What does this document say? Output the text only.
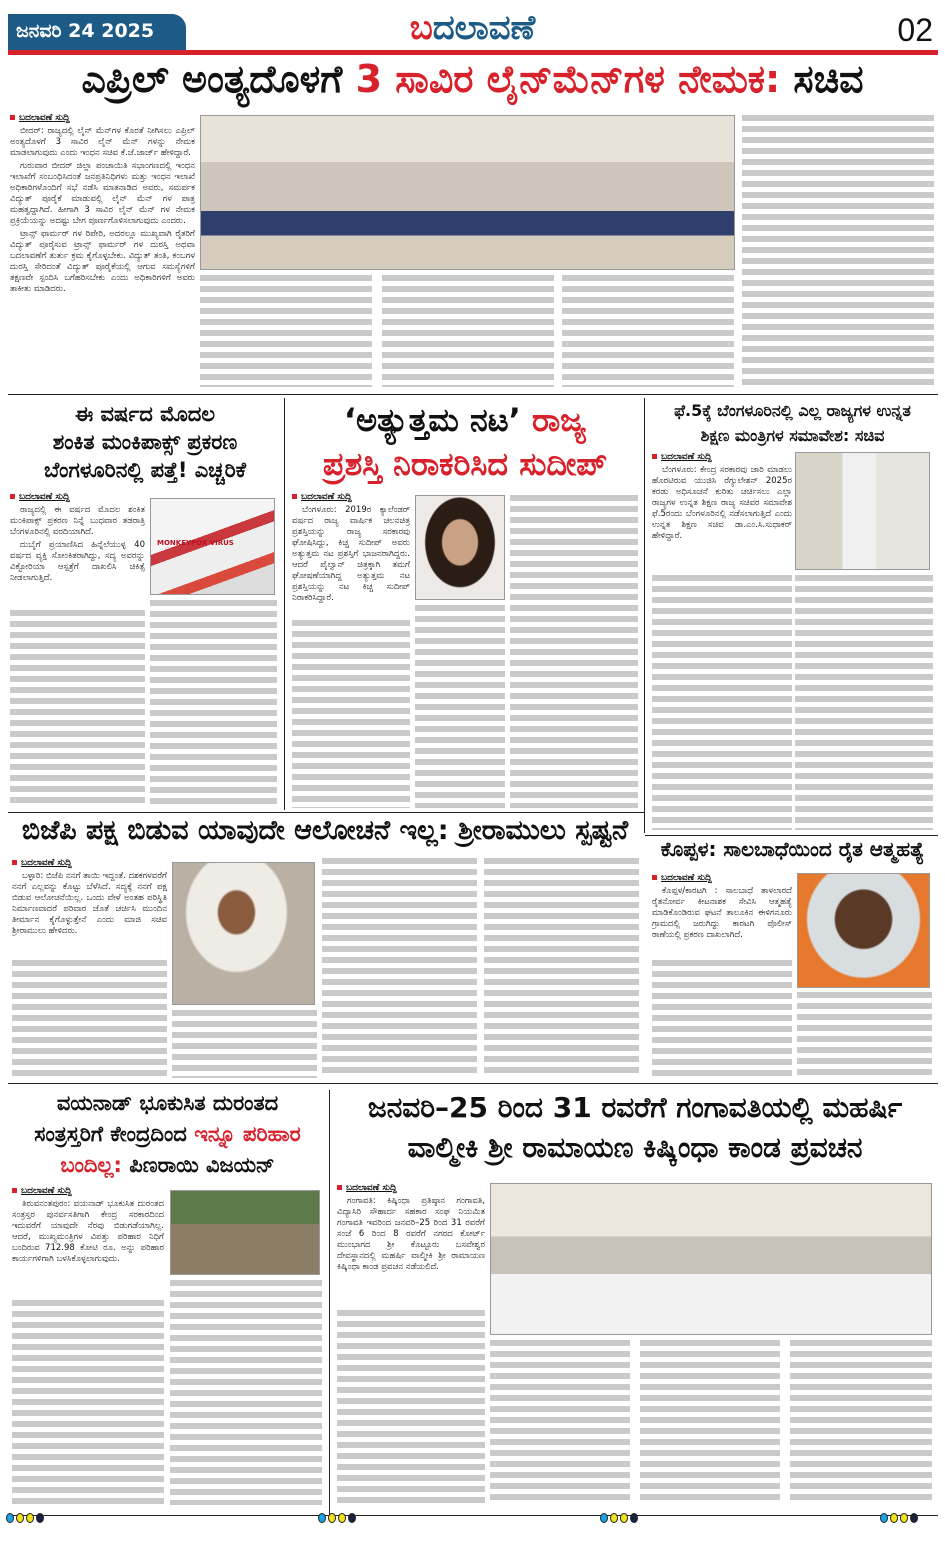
ಜನವರಿ 24 2025	ಬದಲಾವಣೆ	02
ಎಪ್ರಿಲ್ ಅಂತ್ಯದೊಳಗೆ 3 ಸಾವಿರ ಲೈನ್‌ಮೆನ್‌ಗಳ ನೇಮಕ: ಸಚಿವ
ಬದಲಾವಣೆ ಸುದ್ದಿ

ಬೀದರ್: ರಾಜ್ಯದಲ್ಲಿ ಲೈನ್ ಮೆನ್‌ಗಳ ಕೊರತೆ ನೀಗಿಸಲು ಎಪ್ರಿಲ್ ಅಂತ್ಯದೊಳಗೆ 3 ಸಾವಿರ ಲೈನ್ ಮೆನ್ ಗಳನ್ನು ನೇಮಕ ಮಾಡಲಾಗುವುದು ಎಂದು ಇಂಧನ ಸಚಿವ ಕೆ.ಜೆ.ಜಾರ್ಜ್ ಹೇಳಿದ್ದಾರೆ.

ಗುರುವಾರ ಬೀದರ್ ಜಿಲ್ಲಾ ಪಂಚಾಯಿತಿ ಸಭಾಂಗಣದಲ್ಲಿ ಇಂಧನ ಇಲಾಖೆಗೆ ಸಂಬಂಧಿಸಿದಂತೆ ಜನಪ್ರತಿನಿಧಿಗಳು ಮತ್ತು ಇಂಧನ ಇಲಾಖೆ ಅಧಿಕಾರಿಗಳೊಂದಿಗೆ ಸಭೆ ನಡೆಸಿ ಮಾತನಾಡಿದ ಅವರು, ಸಮರ್ಪಕ ವಿದ್ಯುತ್ ಪೂರೈಕೆ ಮಾಡುವಲ್ಲಿ ಲೈನ್ ಮೆನ್ ಗಳ ಪಾತ್ರ ಮಹತ್ವದ್ದಾಗಿದೆ. ಹೀಗಾಗಿ 3 ಸಾವಿರ ಲೈನ್ ಮೆನ್ ಗಳ ನೇಮಕ ಪ್ರಕ್ರಿಯೆಯನ್ನು ಅದಷ್ಟು ಬೇಗ ಪೂರ್ಣಗೊಳಿಸಲಾಗುವುದು ಎಂದರು.

ಟ್ರಾನ್ಸ್ ಫಾರ್ಮರ್ ಗಳ ರಿಪೇರಿ, ಅದರಲ್ಲೂ ಮುಖ್ಯವಾಗಿ ರೈತರಿಗೆ ವಿದ್ಯುತ್ ಪೂರೈಸುವ ಟ್ರಾನ್ಸ್ ಫಾರ್ಮರ್ ಗಳ ದುರಸ್ತಿ ಅಥವಾ ಬದಲಾವಣೆಗೆ ತುರ್ತು ಕ್ರಮ ಕೈಗೊಳ್ಳಬೇಕು. ವಿದ್ಯುತ್ ತಂತಿ, ಕಂಬಗಳ ದುರಸ್ತಿ ಸೇರಿದಂತೆ ವಿದ್ಯುತ್ ಪೂರೈಕೆಯಲ್ಲಿ ಆಗುವ ಸಮಸ್ಯೆಗಳಿಗೆ ತಕ್ಷಣವೇ ಸ್ಪಂದಿಸಿ ಬಗೆಹರಿಸಬೇಕು ಎಂದು ಅಧಿಕಾರಿಗಳಿಗೆ ಅವರು ತಾಕೀತು ಮಾಡಿದರು.

ಈ ವರ್ಷದ ಮೊದಲ
ಶಂಕಿತ ಮಂಕಿಪಾಕ್ಸ್ ಪ್ರಕರಣ
ಬೆಂಗಳೂರಿನಲ್ಲಿ ಪತ್ತೆ! ಎಚ್ಚರಿಕೆ
ಬದಲಾವಣೆ ಸುದ್ದಿ

ರಾಜ್ಯದಲ್ಲಿ ಈ ವರ್ಷದ ಮೊದಲ ಶಂಕಿತ ಮಂಕಿಪಾಕ್ಸ್ ಪ್ರಕರಣ ನಿನ್ನೆ ಬುಧವಾರ ತಡರಾತ್ರಿ ಬೆಂಗಳೂರಿನಲ್ಲಿ ವರದಿಯಾಗಿದೆ.

ದುಬೈಗೆ ಪ್ರಯಾಣಿಸಿದ ಹಿನ್ನೆಲೆಯುಳ್ಳ 40 ವರ್ಷದ ವ್ಯಕ್ತಿ ಸೋಂಕಿತರಾಗಿದ್ದು, ಸದ್ಯ ಅವರನ್ನು ವಿಕ್ಟೋರಿಯಾ ಆಸ್ಪತ್ರೆಗೆ ದಾಖಲಿಸಿ ಚಿಕಿತ್ಸೆ ನೀಡಲಾಗುತ್ತಿದೆ.

MONKEYPOX VIRUS
‘ಅತ್ಯುತ್ತಮ ನಟ’ ರಾಜ್ಯ
ಪ್ರಶಸ್ತಿ ನಿರಾಕರಿಸಿದ ಸುದೀಪ್
ಬದಲಾವಣೆ ಸುದ್ದಿ

ಬೆಂಗಳೂರು: 2019ರ ಕ್ಯಾಲೆಂಡರ್ ವರ್ಷದ ರಾಜ್ಯ ವಾರ್ಷಿಕ ಚಲನಚಿತ್ರ ಪ್ರಶಸ್ತಿಯನ್ನು ರಾಜ್ಯ ಸರಕಾರವು ಘೋಷಿಸಿದ್ದು, ಕಿಚ್ಚ ಸುದೀಪ್ ಅವರು ಅತ್ಯುತ್ತಮ ನಟ ಪ್ರಶಸ್ತಿಗೆ ಭಾಜನರಾಗಿದ್ದರು. ಆದರೆ ಪೈಲ್ವಾನ್ ಚಿತ್ರಕ್ಕಾಗಿ ತಮಗೆ ಘೋಷಣೆಯಾಗಿದ್ದ ಅತ್ಯುತ್ತಮ ನಟ ಪ್ರಶಸ್ತಿಯನ್ನು ನಟ ಕಿಚ್ಚ ಸುದೀಪ್ ನಿರಾಕರಿಸಿದ್ದಾರೆ.

ಫೆ.5ಕ್ಕೆ ಬೆಂಗಳೂರಿನಲ್ಲಿ ಎಲ್ಲ ರಾಜ್ಯಗಳ ಉನ್ನತ
ಶಿಕ್ಷಣ ಮಂತ್ರಿಗಳ ಸಮಾವೇಶ: ಸಚಿವ
ಬದಲಾವಣೆ ಸುದ್ದಿ

ಬೆಂಗಳೂರು: ಕೇಂದ್ರ ಸರಕಾರವು ಜಾರಿ ಮಾಡಲು ಹೊರಟಿರುವ ಯುಜಿಸಿ ರೆಗ್ಯುಲೇಶನ್ 2025ರ ಕರಡು ಅಧಿಸೂಚನೆ ಕುರಿತು ಚರ್ಚಿಸಲು ಎಲ್ಲಾ ರಾಜ್ಯಗಳ ಉನ್ನತ ಶಿಕ್ಷಣ ರಾಜ್ಯ ಸಚಿವರ ಸಮಾವೇಶ ಫೆ.5ರಂದು ಬೆಂಗಳೂರಿನಲ್ಲಿ ನಡೆಸಲಾಗುತ್ತಿದೆ ಎಂದು ಉನ್ನತ ಶಿಕ್ಷಣ ಸಚಿವ ಡಾ.ಎಂ.ಸಿ.ಸುಧಾಕರ್ ಹೇಳಿದ್ದಾರೆ.

ಬಿಜೆಪಿ ಪಕ್ಷ ಬಿಡುವ ಯಾವುದೇ ಆಲೋಚನೆ ಇಲ್ಲ: ಶ್ರೀರಾಮುಲು ಸ್ಪಷ್ಟನೆ
ಬದಲಾವಣೆ ಸುದ್ದಿ

ಬಳ್ಳಾರಿ: ಬಿಜೆಪಿ ನನಗೆ ತಾಯಿ ಇದ್ದಂತೆ. ದಶಕಗಳವರೆಗೆ ನನಗೆ ಎಲ್ಲವನ್ನು ಕೊಟ್ಟು ಬೆಳೆಸಿದೆ. ಸದ್ಯಕ್ಕೆ ನನಗೆ ಪಕ್ಷ ಬಿಡುವ ಆಲೋಚನೆಯಿಲ್ಲ. ಒಂದು ವೇಳೆ ಅಂತಹ ಪರಿಸ್ಥಿತಿ ನಿರ್ಮಾಣವಾದರೆ ಪರಿವಾರ ಜೊತೆ ಚರ್ಚಿಸಿ ಮುಂದಿನ ತೀರ್ಮಾನ ಕೈಗೊಳ್ಳುತ್ತೇನೆ ಎಂದು ಮಾಜಿ ಸಚಿವ ಶ್ರೀರಾಮುಲು ಹೇಳಿದರು.

ಕೊಪ್ಪಳ: ಸಾಲಬಾಧೆಯಿಂದ ರೈತ ಆತ್ಮಹತ್ಯೆ
ಬದಲಾವಣೆ ಸುದ್ದಿ

ಕೊಪ್ಪಳ/ಕಾರಟಗಿ : ಸಾಲಬಾಧೆ ತಾಳಲಾರದೆ ರೈತನೋರ್ವ ಕೀಟನಾಶಕ ಸೇವಿಸಿ ಆತ್ಮಹತ್ಯೆ ಮಾಡಿಕೊಂಡಿರುವ ಘಟನೆ ತಾಲೂಕಿನ ಈಳಿಗನೂರು ಗ್ರಾಮದಲ್ಲಿ ಜರುಗಿದ್ದು ಕಾರಟಗಿ ಪೊಲೀಸ್ ಠಾಣೆಯಲ್ಲಿ ಪ್ರಕರಣ ದಾಖಲಾಗಿದೆ.

ವಯನಾಡ್ ಭೂಕುಸಿತ ದುರಂತದ
ಸಂತ್ರಸ್ತರಿಗೆ ಕೇಂದ್ರದಿಂದ ಇನ್ನೂ ಪರಿಹಾರ
ಬಂದಿಲ್ಲ: ಪಿಣರಾಯಿ ವಿಜಯನ್
ಬದಲಾವಣೆ ಸುದ್ದಿ

ತಿರುವನಂತಪುರಂ: ವಯನಾಡ್ ಭೂಕುಸಿತ ದುರಂತದ ಸಂತ್ರಸ್ತರ ಪುನರ್ವಸತಿಗಾಗಿ ಕೇಂದ್ರ ಸರಕಾರದಿಂದ ಇದುವರೆಗೆ ಯಾವುದೇ ನೆರವು ಬಿಡುಗಡೆಯಾಗಿಲ್ಲ. ಆದರೆ, ಮುಖ್ಯಮಂತ್ರಿಗಳ ವಿಪತ್ತು ಪರಿಹಾರ ನಿಧಿಗೆ ಬಂದಿರುವ 712.98 ಕೋಟಿ ರೂ. ಅನ್ನು ಪರಿಹಾರ ಕಾರ್ಯಗಳಿಗಾಗಿ ಬಳಸಿಕೊಳ್ಳಲಾಗುವುದು.

ಜನವರಿ–25 ರಿಂದ 31 ರವರೆಗೆ ಗಂಗಾವತಿಯಲ್ಲಿ ಮಹರ್ಷಿ
ವಾಲ್ಮೀಕಿ ಶ್ರೀ ರಾಮಾಯಣ ಕಿಷ್ಕಿಂಧಾ ಕಾಂಡ ಪ್ರವಚನ
ಬದಲಾವಣೆ ಸುದ್ದಿ

ಗಂಗಾವತಿ: ಕಿಷ್ಕಿಂಧಾ ಪ್ರತಿಷ್ಠಾನ ಗಂಗಾವತಿ, ವಿದ್ಯಾಸಿರಿ ಸೌಹಾರ್ದ ಸಹಕಾರ ಸಂಘ ನಿಯಮಿತ ಗಂಗಾವತಿ ಇವರಿಂದ ಜನವರಿ–25 ರಿಂದ 31 ರವರೆಗೆ ಸಂಜೆ 6 ರಿಂದ 8 ರವರೆಗೆ ನಗರದ ಕೋರ್ಟ್ ಮುಂಭಾಗದ ಶ್ರೀ ಕೊಟ್ಟೂರು ಬಸವೇಶ್ವರ ದೇವಸ್ಥಾನದಲ್ಲಿ ಮಹರ್ಷಿ ವಾಲ್ಮೀಕಿ ಶ್ರೀ ರಾಮಾಯಣ ಕಿಷ್ಕಿಂಧಾ ಕಾಂಡ ಪ್ರವಚನ ನಡೆಯಲಿದೆ.
